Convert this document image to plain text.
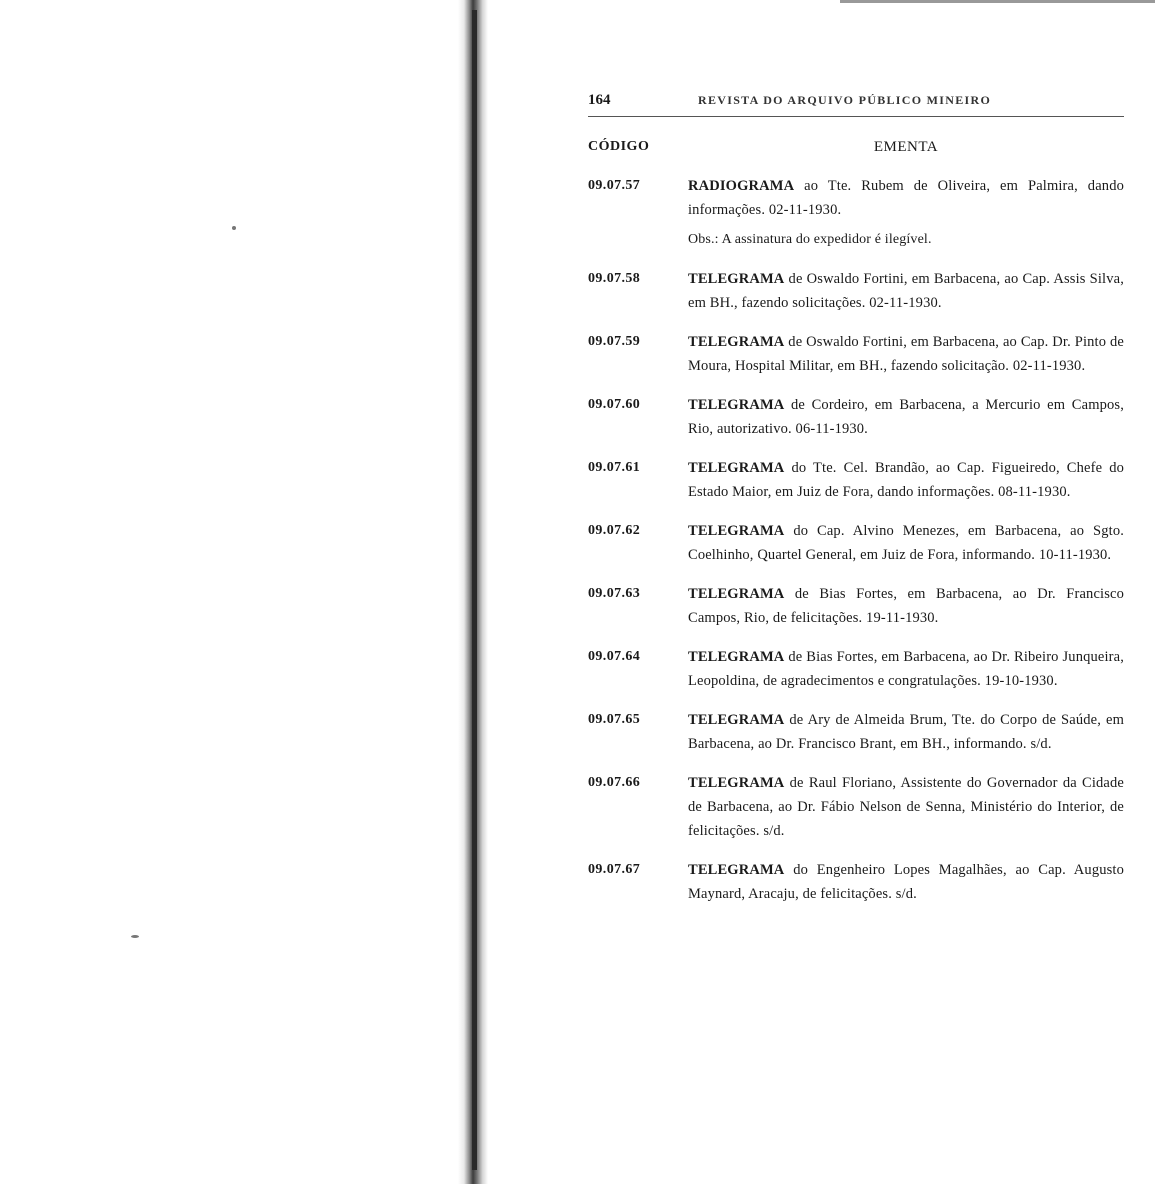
164	REVISTA DO ARQUIVO PÚBLICO MINEIRO
CÓDIGO	EMENTA
09.07.57	RADIOGRAMA ao Tte. Rubem de Oliveira, em Palmira, dando informações. 02-11-1930.
Obs.: A assinatura do expedidor é ilegível.
09.07.58	TELEGRAMA de Oswaldo Fortini, em Barbacena, ao Cap. Assis Silva, em BH., fazendo solicitações. 02-11-1930.
09.07.59	TELEGRAMA de Oswaldo Fortini, em Barbacena, ao Cap. Dr. Pinto de Moura, Hospital Militar, em BH., fazendo solicitação. 02-11-1930.
09.07.60	TELEGRAMA de Cordeiro, em Barbacena, a Mercurio em Campos, Rio, autorizativo. 06-11-1930.
09.07.61	TELEGRAMA do Tte. Cel. Brandão, ao Cap. Figueiredo, Chefe do Estado Maior, em Juiz de Fora, dando informações. 08-11-1930.
09.07.62	TELEGRAMA do Cap. Alvino Menezes, em Barbacena, ao Sgto. Coelhinho, Quartel General, em Juiz de Fora, informando. 10-11-1930.
09.07.63	TELEGRAMA de Bias Fortes, em Barbacena, ao Dr. Francisco Campos, Rio, de felicitações. 19-11-1930.
09.07.64	TELEGRAMA de Bias Fortes, em Barbacena, ao Dr. Ribeiro Junqueira, Leopoldina, de agradecimentos e congratulações. 19-10-1930.
09.07.65	TELEGRAMA de Ary de Almeida Brum, Tte. do Corpo de Saúde, em Barbacena, ao Dr. Francisco Brant, em BH., informando. s/d.
09.07.66	TELEGRAMA de Raul Floriano, Assistente do Governador da Cidade de Barbacena, ao Dr. Fábio Nelson de Senna, Ministério do Interior, de felicitações. s/d.
09.07.67	TELEGRAMA do Engenheiro Lopes Magalhães, ao Cap. Augusto Maynard, Aracaju, de felicitações. s/d.
